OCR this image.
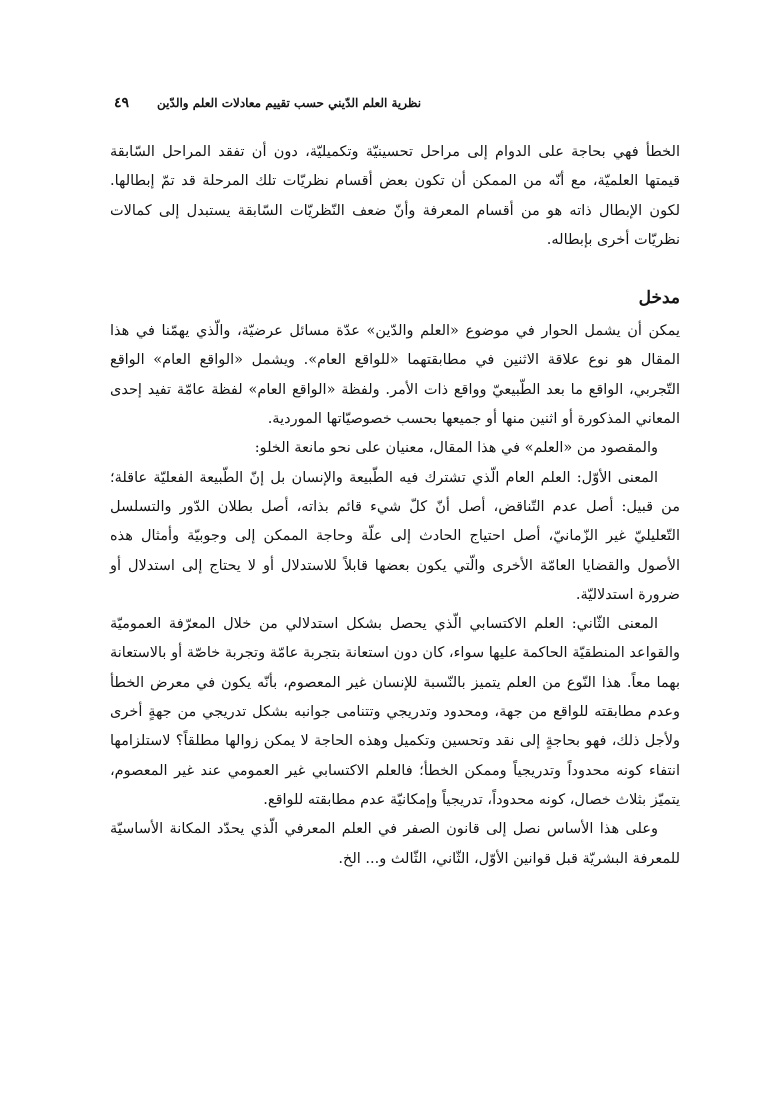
٤٩ نظرية العلم الدّيني حسب تقييم معادلات العلم والدّين

الخطأ فهي بحاجة على الدوام إلى مراحل تحسينيّة وتكميليّة، دون أن تفقد المراحل السّابقة قيمتها العلميّة، مع أنّه من الممكن أن تكون بعض أقسام نظريّات تلك المرحلة قد تمّ إبطالها. لكون الإبطال ذاته هو من أقسام المعرفة وأنّ ضعف النّظريّات السّابقة يستبدل إلى كمالات نظريّات أخرى بإبطاله.

مدخل

يمكن أن يشمل الحوار في موضوع «العلم والدّين» عدّة مسائل عرضيّة، والّذي يهمّنا في هذا المقال هو نوع علاقة الاثنين في مطابقتهما «للواقع العام». ويشمل «الواقع العام» الواقع التّجربي، الواقع ما بعد الطّبيعيّ وواقع ذات الأمر. ولفظة «الواقع العام» لفظة عامّة تفيد إحدى المعاني المذكورة أو اثنين منها أو جميعها بحسب خصوصيّاتها الموردية.

والمقصود من «العلم» في هذا المقال، معنيان على نحو مانعة الخلو:

المعنى الأوّل: العلم العام الّذي تشترك فيه الطّبيعة والإنسان بل إنّ الطّبيعة الفعليّة عاقلة؛ من قبيل: أصل عدم التّناقض، أصل أنّ كلّ شيء قائم بذاته، أصل بطلان الدّور والتسلسل التّعليليّ غير الزّمانيّ، أصل احتياج الحادث إلى علّة وحاجة الممكن إلى وجوبيّة وأمثال هذه الأصول والقضايا العامّة الأخرى والّتي يكون بعضها قابلاً للاستدلال أو لا يحتاج إلى استدلال أو ضرورة استدلاليّة.

المعنى الثّاني: العلم الاكتسابي الّذي يحصل بشكل استدلالي من خلال المعرّفة العموميّة والقواعد المنطقيّة الحاكمة عليها سواء، كان دون استعانة بتجربة عامّة وتجربة خاصّة أو بالاستعانة بهما معاً. هذا النّوع من العلم يتميز بالنّسبة للإنسان غير المعصوم، بأنّه يكون في معرض الخطأ وعدم مطابقته للواقع من جهة، ومحدود وتدريجي وتتنامى جوانبه بشكل تدريجي من جهةٍ أخرى ولأجل ذلك، فهو بحاجةٍ إلى نقد وتحسين وتكميل وهذه الحاجة لا يمكن زوالها مطلقاً؟ لاستلزامها انتفاء كونه محدوداً وتدريجياً وممكن الخطأ؛ فالعلم الاكتسابي غير العمومي عند غير المعصوم، يتميّز بثلاث خصال، كونه محدوداً، تدريجياً وإمكانيّة عدم مطابقته للواقع.

وعلى هذا الأساس نصل إلى قانون الصفر في العلم المعرفي الّذي يحدّد المكانة الأساسيّة للمعرفة البشريّة قبل قوانين الأوّل، الثّاني، الثّالث و... الخ.
